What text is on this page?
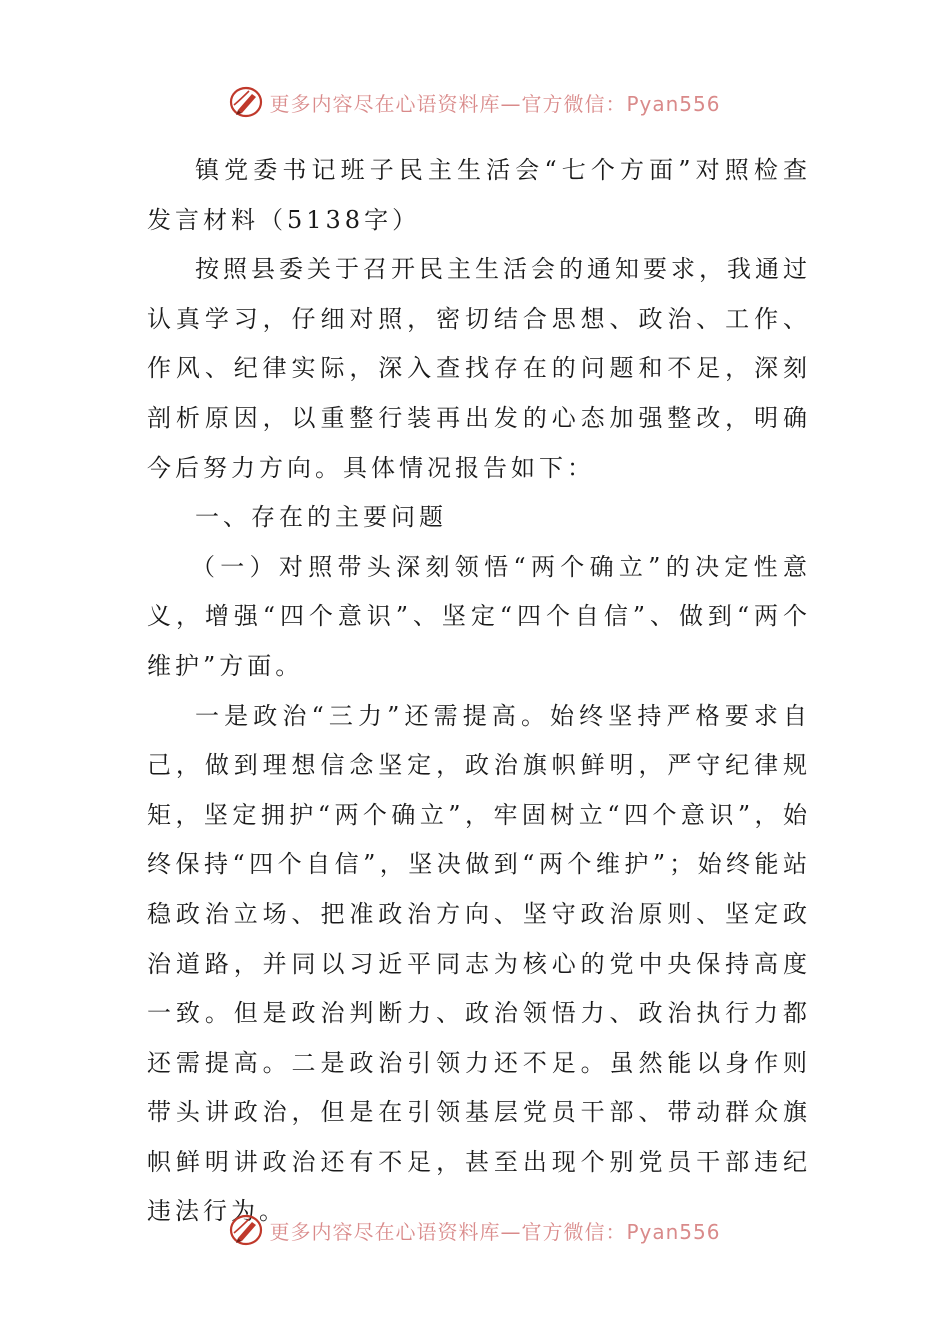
更多内容尽在心语资料库—官方微信：Pyan556

镇党委书记班子民主生活会“七个方面”对照检查发言材料（5138字）

按照县委关于召开民主生活会的通知要求，我通过认真学习，仔细对照，密切结合思想、政治、工作、作风、纪律实际，深入查找存在的问题和不足，深刻剖析原因，以重整行装再出发的心态加强整改，明确今后努力方向。具体情况报告如下：

一、存在的主要问题

（一）对照带头深刻领悟“两个确立”的决定性意义，增强“四个意识”、坚定“四个自信”、做到“两个维护”方面。

一是政治“三力”还需提高。始终坚持严格要求自己，做到理想信念坚定，政治旗帜鲜明，严守纪律规矩，坚定拥护“两个确立”，牢固树立“四个意识”，始终保持“四个自信”，坚决做到“两个维护”；始终能站稳政治立场、把准政治方向、坚守政治原则、坚定政治道路，并同以习近平同志为核心的党中央保持高度一致。但是政治判断力、政治领悟力、政治执行力都还需提高。二是政治引领力还不足。虽然能以身作则带头讲政治，但是在引领基层党员干部、带动群众旗帜鲜明讲政治还有不足，甚至出现个别党员干部违纪违法行为。

更多内容尽在心语资料库—官方微信：Pyan556
